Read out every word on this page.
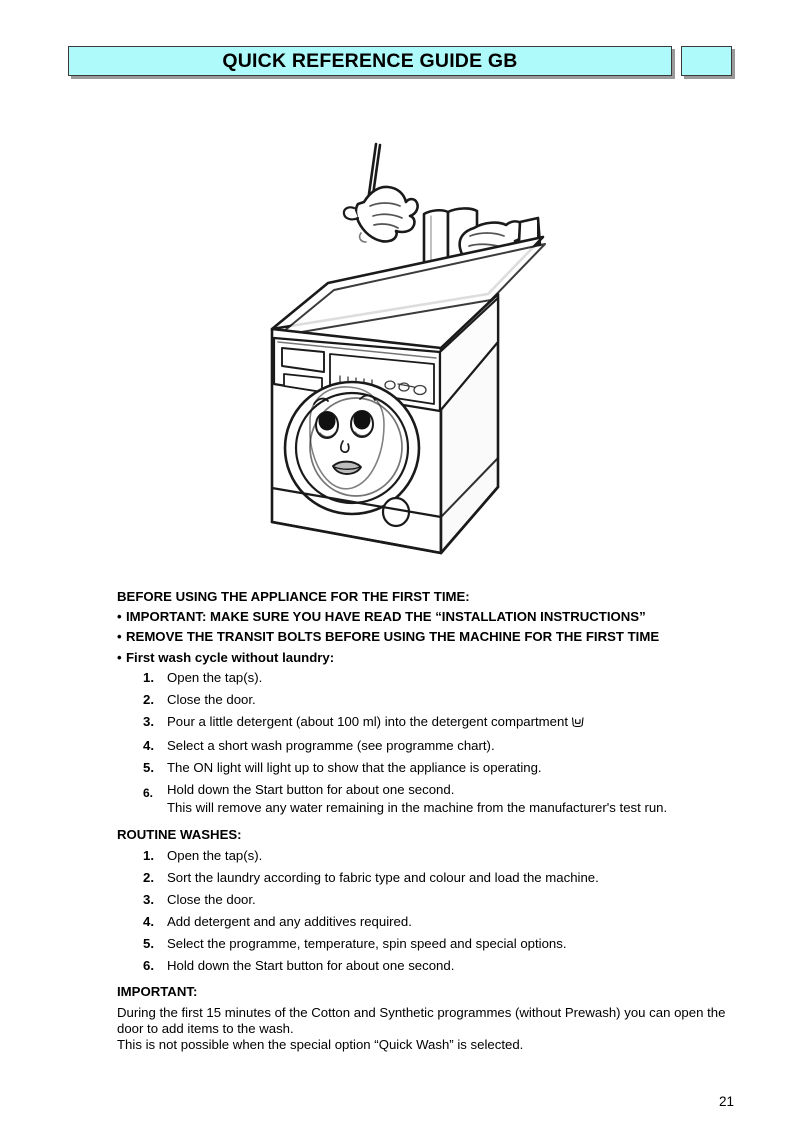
QUICK REFERENCE GUIDE GB
BEFORE USING THE APPLIANCE FOR THE FIRST TIME:
• IMPORTANT: MAKE SURE YOU HAVE READ THE “INSTALLATION INSTRUCTIONS”
• REMOVE THE TRANSIT BOLTS BEFORE USING THE MACHINE FOR THE FIRST TIME
• First wash cycle without laundry:
1. Open the tap(s).
2. Close the door.
3. Pour a little detergent (about 100 ml) into the detergent compartment
4. Select a short wash programme (see programme chart).
5. The ON light will light up to show that the appliance is operating.
6. Hold down the Start button for about one second.
This will remove any water remaining in the machine from the manufacturer's test run.
ROUTINE WASHES:
1. Open the tap(s).
2. Sort the laundry according to fabric type and colour and load the machine.
3. Close the door.
4. Add detergent and any additives required.
5. Select the programme, temperature, spin speed and special options.
6. Hold down the Start button for about one second.
IMPORTANT:
During the first 15 minutes of the Cotton and Synthetic programmes (without Prewash) you can open the door to add items to the wash.
This is not possible when the special option “Quick Wash” is selected.
21
